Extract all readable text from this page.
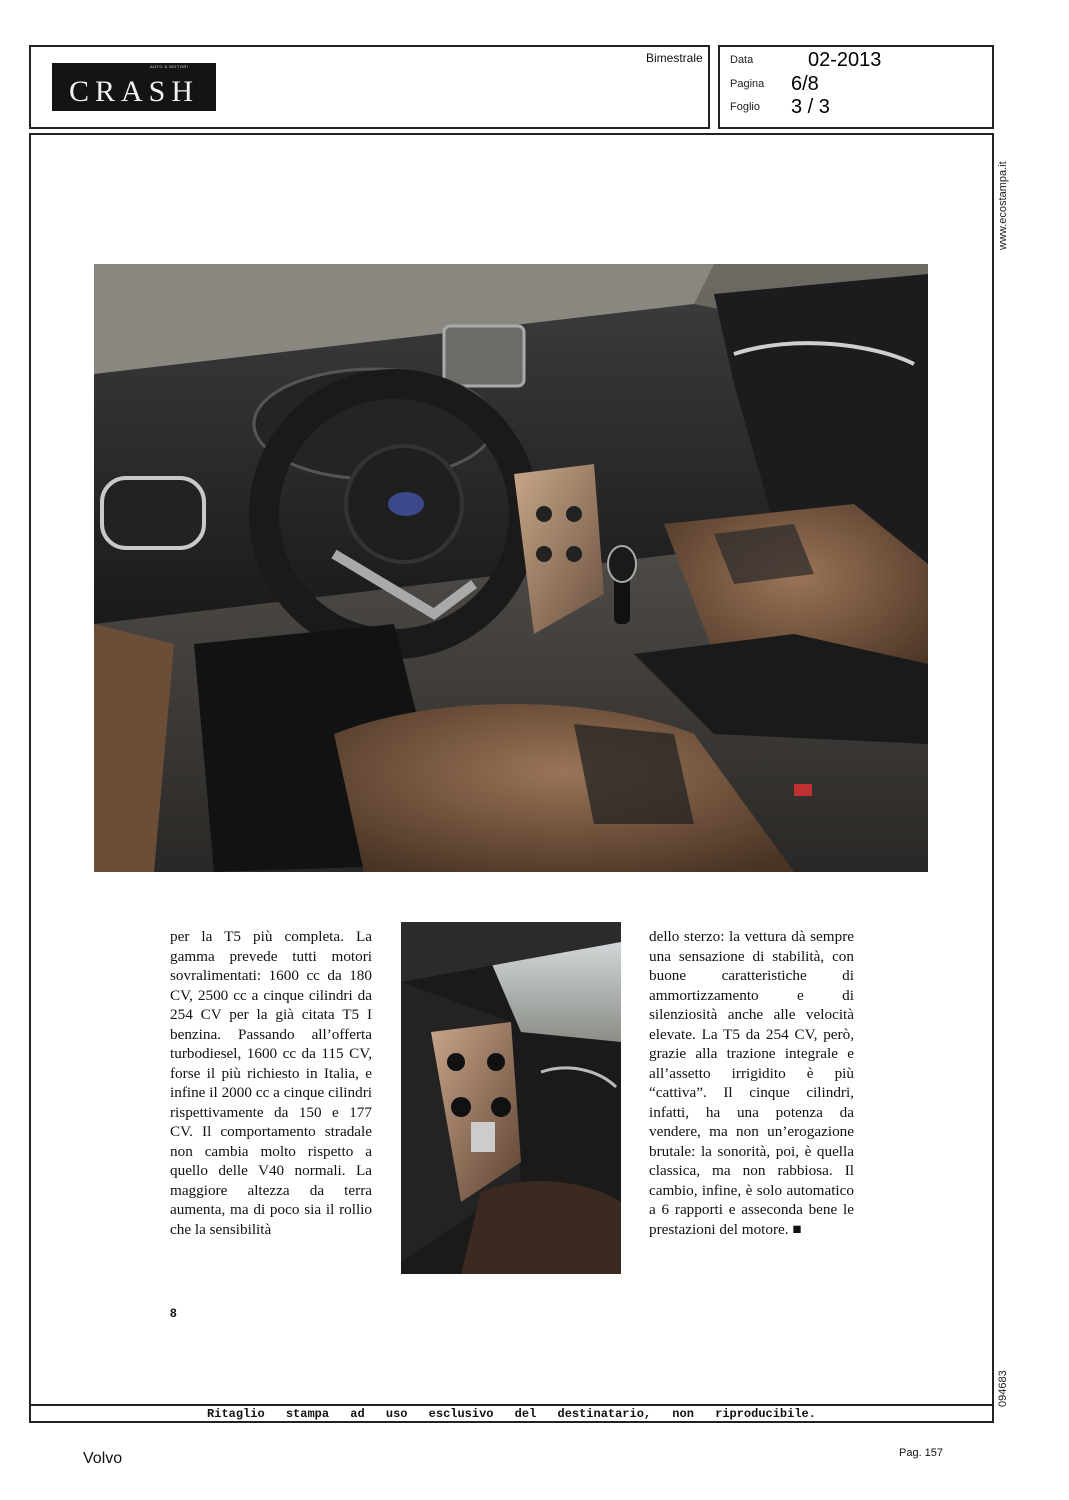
CRASH
AUTO & MOTORI
Bimestrale Data	02-2013
Pagina 6/8
Foglio 3 / 3
www.ecostampa.it
094683

per la T5 più completa. La gamma prevede tutti motori sovralimentati: 1600 cc da 180 CV, 2500 cc a cinque cilindri da 254 CV per la già citata T5 I benzina. Passando all’offerta turbodiesel, 1600 cc da 115 CV, forse il più richiesto in Italia, e infine il 2000 cc a cinque cilindri rispettivamente da 150 e 177 CV. Il comportamento stradale non cambia molto rispetto a quello delle V40 normali. La maggiore altezza da terra aumenta, ma di poco sia il rollio che la sensibilità

dello sterzo: la vettura dà sempre una sensazione di stabilità, con buone caratteristiche di ammortizzamento e di silenziosità anche alle velocità elevate. La T5 da 254 CV, però, grazie alla trazione integrale e all’assetto irrigidito è più “cattiva”. Il cinque cilindri, infatti, ha una potenza da vendere, ma non un’erogazione brutale: la sonorità, poi, è quella classica, ma non rabbiosa. Il cambio, infine, è solo automatico a 6 rapporti e asseconda bene le prestazioni del motore. ■

8
Ritaglio stampa ad uso esclusivo del destinatario, non riproducibile.
Volvo	Pag. 157
